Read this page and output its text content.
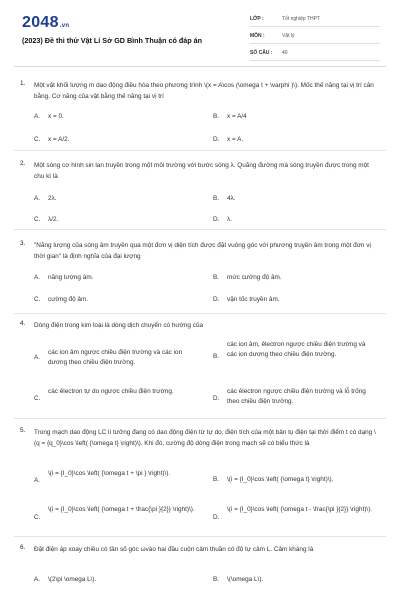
2048.vn
(2023) Đề thi thử Vật Lí Sở GD Bình Thuận có đáp án
LỚP :	Tốt nghiệp THPT
MÔN :	Vật lý
SỐ CÂU :	40
1. Một vật khối lượng m dao động điều hòa theo phương trình \(x = A\cos (\omega t + \varphi )\). Mốc thế năng tại vị trí cân bằng. Cơ năng của vật bằng thế năng tại vị trí
A.	x = 0.	B.	x = A/4
C.	x = A/2.	D.	x = A.
2. Một sóng cơ hình sin lan truyền trong một môi trường với bước sóng λ. Quãng đường mà sóng truyền được trong một chu kì là
A.	2λ.	B.	4λ.
C.	λ/2.	D.	λ.
3. "Năng lượng của sóng âm truyền qua một đơn vị diện tích được đặt vuông góc với phương truyền âm trong một đơn vị thời gian" là định nghĩa của đại lượng
A.	năng lượng âm.	B.	mức cường độ âm.
C.	cường độ âm.	D.	vận tốc truyền âm.
4. Dòng điện trong kim loại là dòng dịch chuyển có hướng của
A.
các ion âm ngược chiều điện trường và các ion dương theo chiều điện trường.
B.
các ion âm, êlectron ngược chiều điện trường và các ion dương theo chiều điện trường.
C.
các êlectron tự do ngược chiều điện trường.
D.
các êlectron ngược chiều điện trường và lỗ trống theo chiều điện trường.
5. Trong mạch dao động LC lí tưởng đang có dao động điện từ tự do, điện tích của một bản tụ điện tại thời điểm t có dạng \(q = {q_0}\cos \left( {\omega t} \right)\). Khi đó, cường độ dòng điện trong mạch sẽ có biểu thức là
A.
\(i = {I_0}\cos \left( {\omega t + \pi } \right)\).
B.	\(i = {I_0}\cos \left( {\omega t} \right)\).
C.
\(i = {I_0}\cos \left( {\omega t + \frac{\pi }{2}} \right)\).
D.
\(i = {I_0}\cos \left( {\omega t - \frac{\pi }{2}} \right)\).
6. Đặt điện áp xoay chiều có tần số góc ωvào hai đầu cuộn cảm thuần có độ tự cảm L. Cảm kháng là
A.	\(2\pi \omega L\).	B.	\(\omega L\).
